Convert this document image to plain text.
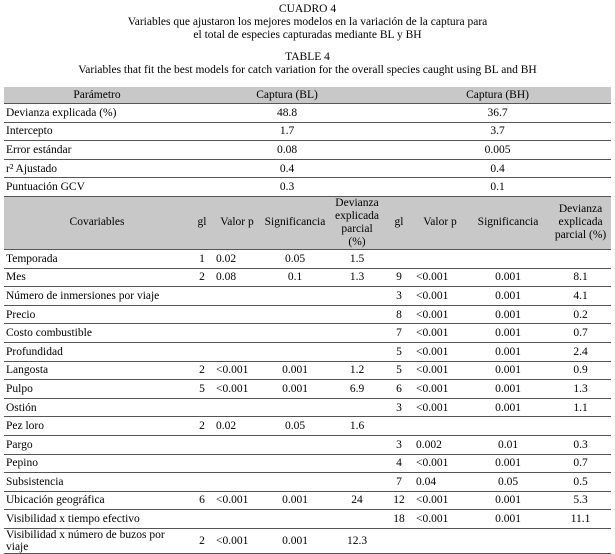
CUADRO 4
Variables que ajustaron los mejores modelos en la variación de la captura para
el total de especies capturadas mediante BL y BH
TABLE 4
Variables that fit the best models for catch variation for the overall species caught using BL and BH
Parámetro	Captura (BL)				Captura (BH)			
Devianza explicada (%)	48.8				36.7			
Intercepto	1.7				3.7			
Error estándar	0.08				0.005			
r² Ajustado	0.4				0.4			
Puntuación GCV	0.3				0.1			
Covariables	gl	Valor p	Significancia	Devianza explicada parcial (%)	gl	Valor p	Significancia	Devianza explicada parcial (%)
Temporada	1	0.02	0.05	1.5				
Mes	2	0.08	0.1	1.3	9	<0.001	0.001	8.1
Número de inmersiones por viaje					3	<0.001	0.001	4.1
Precio					8	<0.001	0.001	0.2
Costo combustible					7	<0.001	0.001	0.7
Profundidad					5	<0.001	0.001	2.4
Langosta	2	<0.001	0.001	1.2	5	<0.001	0.001	0.9
Pulpo	5	<0.001	0.001	6.9	6	<0.001	0.001	1.3
Ostión					3	<0.001	0.001	1.1
Pez loro	2	0.02	0.05	1.6				
Pargo					3	0.002	0.01	0.3
Pepino					4	<0.001	0.001	0.7
Subsistencia					7	0.04	0.05	0.5
Ubicación geográfica	6	<0.001	0.001	24	12	<0.001	0.001	5.3
Visibilidad x tiempo efectivo					18	<0.001	0.001	11.1
Visibilidad x número de buzos por viaje	2	<0.001	0.001	12.3				
